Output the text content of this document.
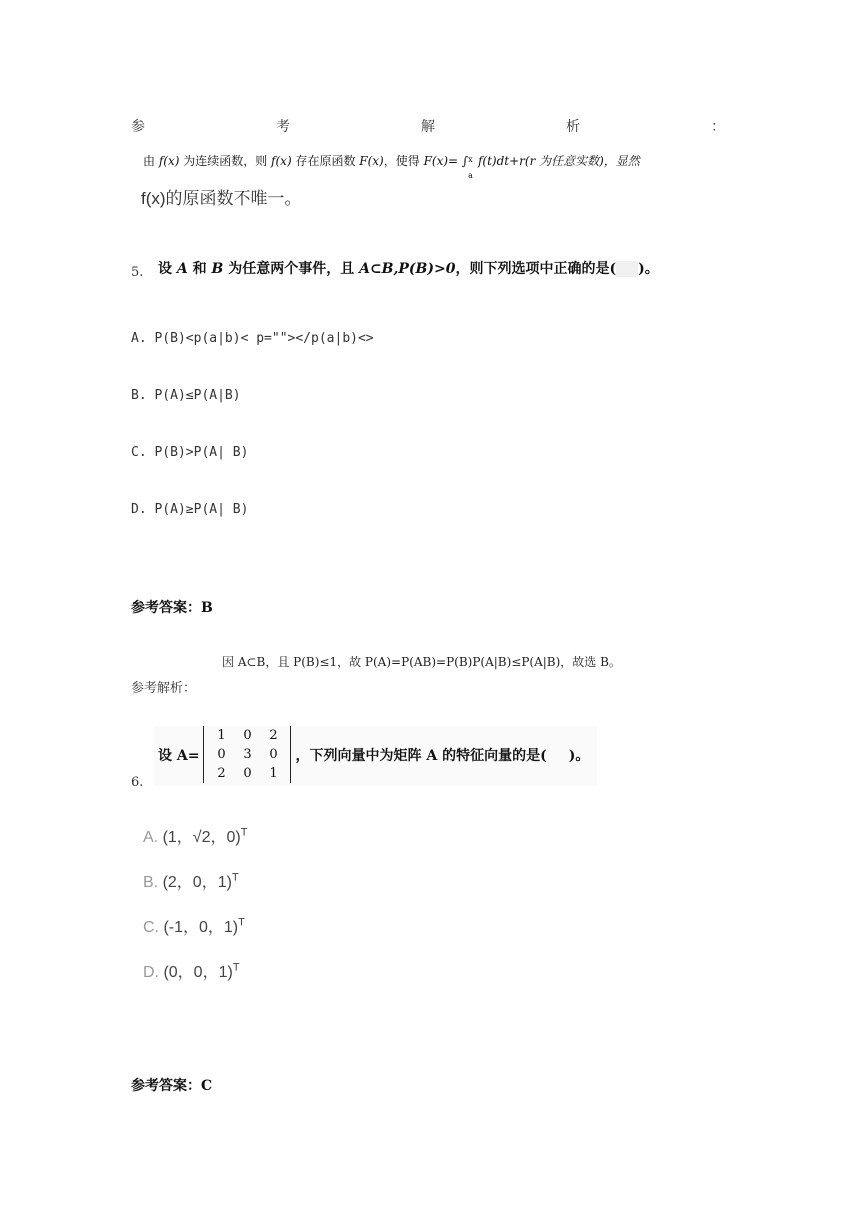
参	考	解	析	：
由 f(x) 为连续函数，则 f(x) 存在原函数 F(x)，使得 F(x)= ∫ x
a
f(t)dt+r(r 为任意实数)，显然
f(x)的原函数不唯一。
5. 设 A 和 B 为任意两个事件，且 A⊂B,P(B)>0，则下列选项中正确的是( )。
A. P(B)<p(a|b)< p=""></p(a|b)<>
B. P(A)≤P(A|B)
C. P(B)>P(A| B)
D. P(A)≥P(A| B)
参考答案：B
因 A⊂B，且 P(B)≤1，故 P(A)=P(AB)=P(B)P(A|B)≤P(A|B)，故选 B。
参考解析：
设 A=
1	0	2
0	3	0
2	0	1
，下列向量中为矩阵 A 的特征向量的是( )。
6.
A. (1，√2，0)$^T$
B. (2，0，1)$^T$
C. (-1，0，1)$^T$
D. (0，0，1)$^T$
参考答案：C
